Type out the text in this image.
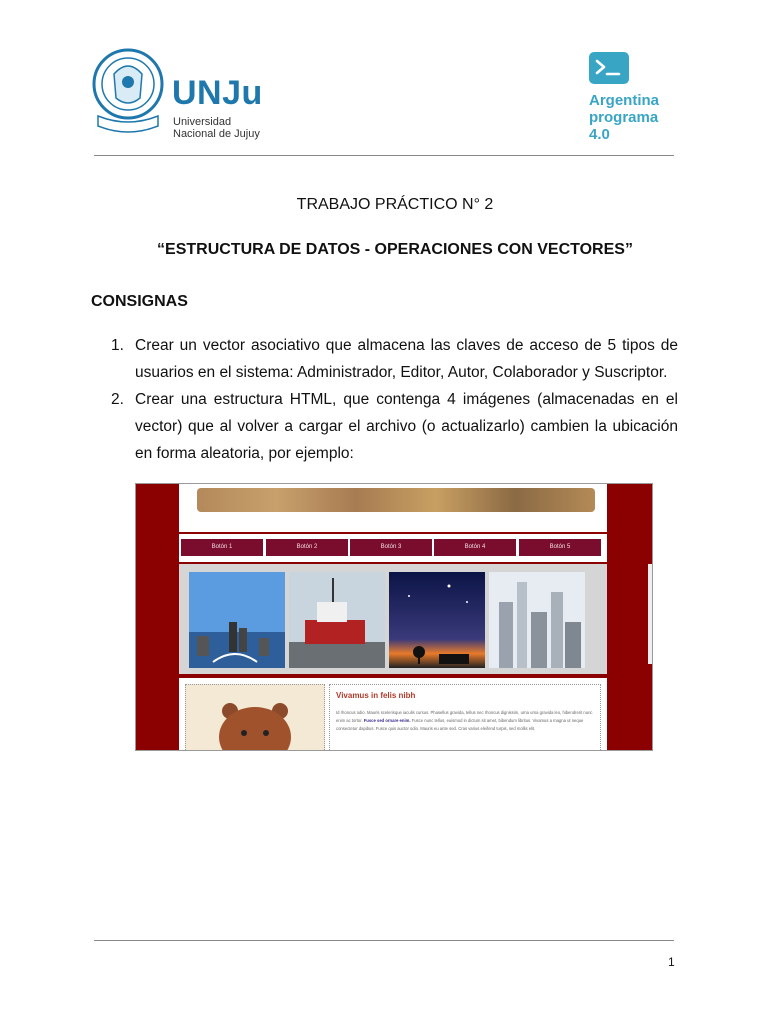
UNJu
Universidad
Nacional de Jujuy
Argentina
programa
4.0
TRABAJO PRÁCTICO N° 2
“ESTRUCTURA DE DATOS - OPERACIONES CON VECTORES”
CONSIGNAS
1. Crear un vector asociativo que almacena las claves de acceso de 5 tipos de usuarios en el sistema: Administrador, Editor, Autor, Colaborador y Suscriptor.
2. Crear una estructura HTML, que contenga 4 imágenes (almacenadas en el vector) que al volver a cargar el archivo (o actualizarlo) cambien la ubicación en forma aleatoria, por ejemplo:
Botón 1	Botón 2	Botón 3	Botón 4	Botón 5
Vivamus in felis nibh
Id rhoncus odio. Mauris scelerisque iaculis cursus. Phasellus gravida, tellus nec rhoncus dignissim, urna urna gravida leo, hibendrerit nunc enim ac tortor. Fusce sed ornare enim. Fusce nunc tellus, euismod in dictum sit amet, bibendum libritus. Vivamus a magna ut neque consectetur dapibus. Fusce quis auctor odio. Mauris eu ante sed. Cras varius eleifend turpis, sed mollis elit.
1
